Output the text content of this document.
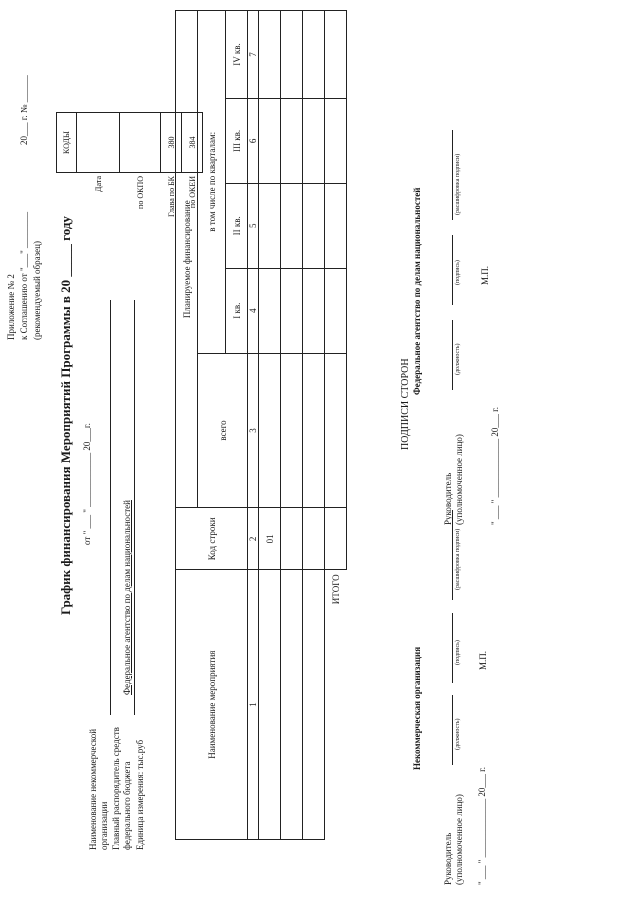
Приложение № 2 к Соглашению от "___" ________ (рекомендуемый образец)
20___ г. № ______
График финансирования Мероприятий Программы в 20 _____ году от " ___ " ____________ 20___г.
Наименование некоммерческой организации Главный распорядитель средств федерального бюджета
Федеральное агентство по делам национальностей
Единица измерения: тыс.руб
	КОДЫ
Дата	
по ОКПО	
Глава по БК	380
по ОКЕИ	384
Наименование мероприятия	Код строки	Планируемое финансирование				
		всего	в том числе по кварталам:			
			I кв.	II кв.	III кв.	IV кв.
1	2	3	4	5	6	7
	01					

ИТОГО						
ПОДПИСИ СТОРОН
Некоммерческая организация
Федеральное агентство по делам национальностей
Руководитель (уполномоченное лицо)
(должность)
(подпись)
(расшифровка подписи)
М.П.
" ___ " _____________ 20___ г.
Руководитель (уполномоченное лицо)
(должность)
(подпись)
(расшифровка подписи)
М.П.
" ___ " _____________ 20___ г.
